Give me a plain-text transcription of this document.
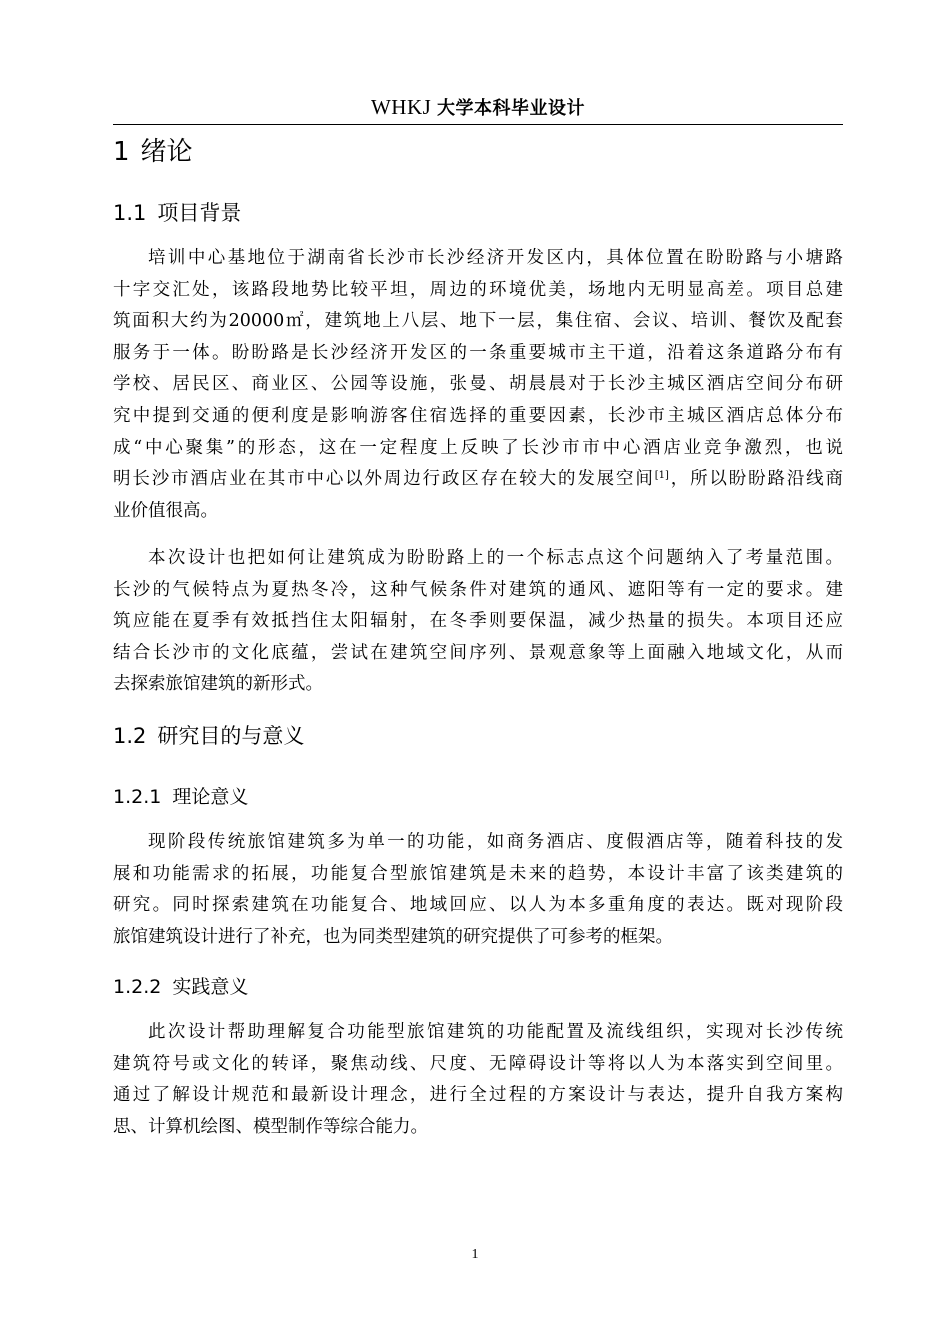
WHKJ 大学本科毕业设计
1 绪论
1.1 项目背景
培训中心基地位于湖南省长沙市长沙经济开发区内，具体位置在盼盼路与小塘路
十字交汇处，该路段地势比较平坦，周边的环境优美，场地内无明显高差。项目总建
筑面积大约为20000㎡，建筑地上八层、地下一层，集住宿、会议、培训、餐饮及配套
服务于一体。盼盼路是长沙经济开发区的一条重要城市主干道，沿着这条道路分布有
学校、居民区、商业区、公园等设施，张曼、胡晨晨对于长沙主城区酒店空间分布研
究中提到交通的便利度是影响游客住宿选择的重要因素，长沙市主城区酒店总体分布
成“中心聚集”的形态，这在一定程度上反映了长沙市市中心酒店业竞争激烈，也说
明长沙市酒店业在其市中心以外周边行政区存在较大的发展空间[1]，所以盼盼路沿线商
业价值很高。
本次设计也把如何让建筑成为盼盼路上的一个标志点这个问题纳入了考量范围。
长沙的气候特点为夏热冬冷，这种气候条件对建筑的通风、遮阳等有一定的要求。建
筑应能在夏季有效抵挡住太阳辐射，在冬季则要保温，减少热量的损失。本项目还应
结合长沙市的文化底蕴，尝试在建筑空间序列、景观意象等上面融入地域文化，从而
去探索旅馆建筑的新形式。
1.2 研究目的与意义
1.2.1 理论意义
现阶段传统旅馆建筑多为单一的功能，如商务酒店、度假酒店等，随着科技的发
展和功能需求的拓展，功能复合型旅馆建筑是未来的趋势，本设计丰富了该类建筑的
研究。同时探索建筑在功能复合、地域回应、以人为本多重角度的表达。既对现阶段
旅馆建筑设计进行了补充，也为同类型建筑的研究提供了可参考的框架。
1.2.2 实践意义
此次设计帮助理解复合功能型旅馆建筑的功能配置及流线组织，实现对长沙传统
建筑符号或文化的转译，聚焦动线、尺度、无障碍设计等将以人为本落实到空间里。
通过了解设计规范和最新设计理念，进行全过程的方案设计与表达，提升自我方案构
思、计算机绘图、模型制作等综合能力。
1
